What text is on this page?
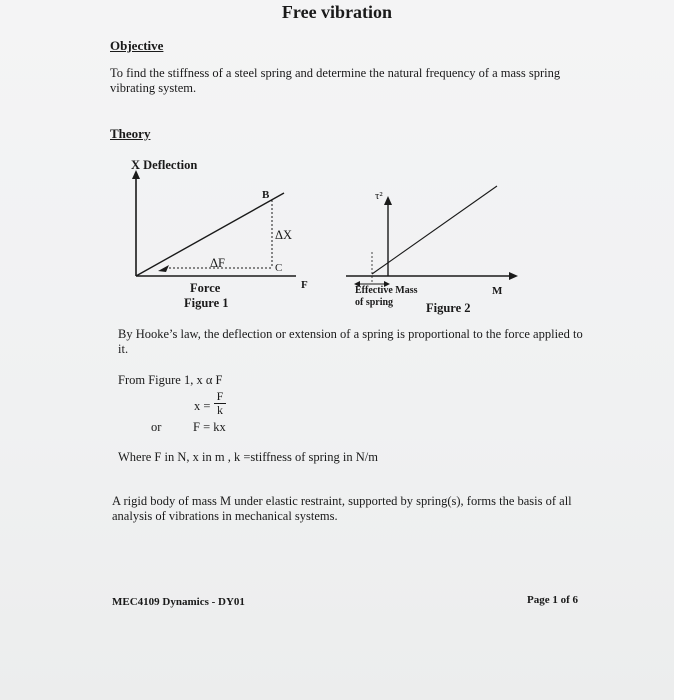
Free vibration
Objective
To find the stiffness of a steel spring and determine the natural frequency of a mass spring
vibrating system.
Theory
X Deflection
B
ΔX
C
ΔF
F
Force
Figure 1
τ²
M
Effective Mass
of spring	Figure 2
By Hooke’s law, the deflection or extension of a spring is proportional to the force applied to
it.
From Figure 1, x α F
x =
F
k
or	F = kx
Where F in N, x in m , k =stiffness of spring in N/m
A rigid body of mass M under elastic restraint, supported by spring(s), forms the basis of all
analysis of vibrations in mechanical systems.
MEC4109 Dynamics - DY01	Page 1 of 6
